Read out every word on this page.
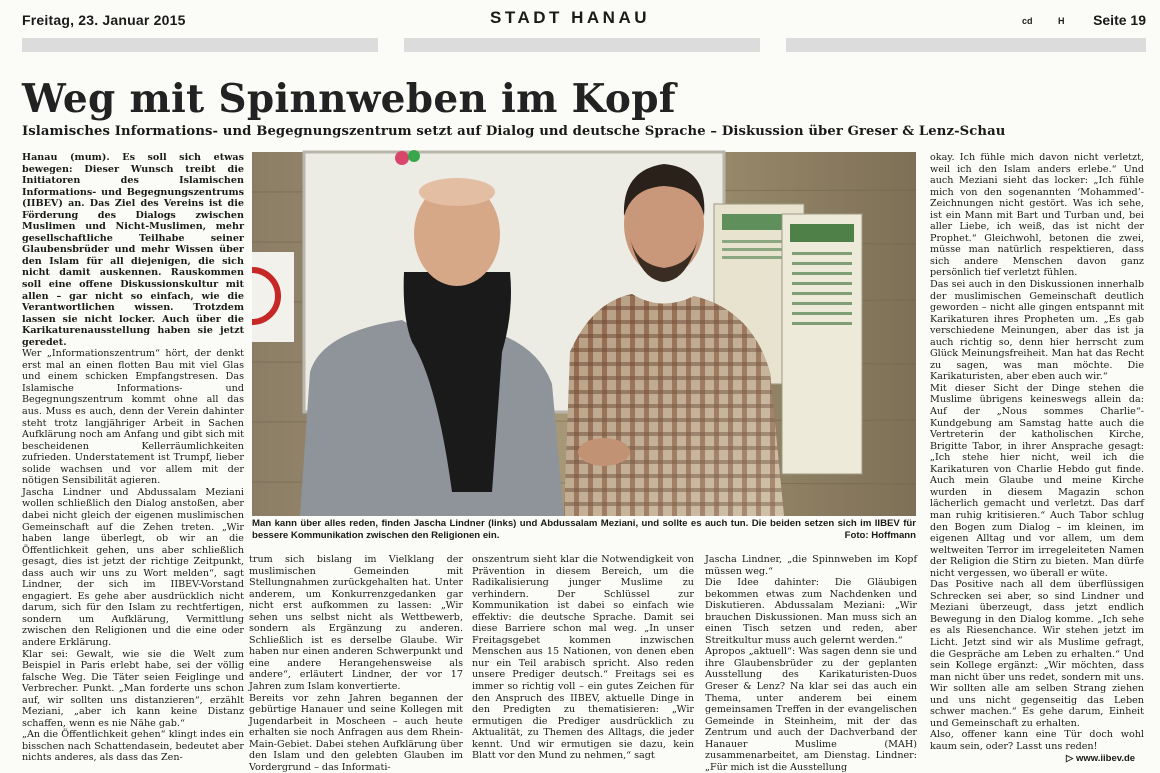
Freitag, 23. Januar 2015	STADT HANAU	cd	H Seite 19
Weg mit Spinnweben im Kopf
Islamisches Informations- und Begegnungszentrum setzt auf Dialog und deutsche Sprache – Diskussion über Greser & Lenz-Schau

Hanau (mum). Es soll sich etwas bewegen: Dieser Wunsch treibt die Initiatoren des Islamischen Informations- und Begegnungszentrums (IIBEV) an. Das Ziel des Vereins ist die Förderung des Dialogs zwischen Muslimen und Nicht-Muslimen, mehr gesellschaftliche Teilhabe seiner Glaubensbrüder und mehr Wissen über den Islam für all diejenigen, die sich nicht damit auskennen. Rauskommen soll eine offene Diskussionskultur mit allen – gar nicht so einfach, wie die Verantwortlichen wissen. Trotzdem lassen sie nicht locker. Auch über die Karikaturenausstellung haben sie jetzt geredet.

Wer „Informationszentrum“ hört, der denkt erst mal an einen flotten Bau mit viel Glas und einem schicken Empfangstresen. Das Islamische Informations- und Begegnungszentrum kommt ohne all das aus. Muss es auch, denn der Verein dahinter steht trotz langjähriger Arbeit in Sachen Aufklärung noch am Anfang und gibt sich mit bescheidenen Kellerräumlichkeiten zufrieden. Understatement ist Trumpf, lieber solide wachsen und vor allem mit der nötigen Sensibilität agieren.

Jascha Lindner und Abdussalam Meziani wollen schließlich den Dialog anstoßen, aber dabei nicht gleich der eigenen muslimischen Gemeinschaft auf die Zehen treten. „Wir haben lange überlegt, ob wir an die Öffentlichkeit gehen, uns aber schließlich gesagt, dies ist jetzt der richtige Zeitpunkt, dass auch wir uns zu Wort melden“, sagt Lindner, der sich im IIBEV-Vorstand engagiert. Es gehe aber ausdrücklich nicht darum, sich für den Islam zu rechtfertigen, sondern um Aufklärung, Vermittlung zwischen den Religionen und die eine oder andere Erklärung.

Klar sei: Gewalt, wie sie die Welt zum Beispiel in Paris erlebt habe, sei der völlig falsche Weg. Die Täter seien Feiglinge und Verbrecher. Punkt. „Man forderte uns schon auf, wir sollten uns distanzieren“, erzählt Meziani, „aber ich kann keine Distanz schaffen, wenn es nie Nähe gab.“

„An die Öffentlichkeit gehen“ klingt indes ein bisschen nach Schattendasein, bedeutet aber nichts anderes, als dass das Zen-

Man kann über alles reden, finden Jascha Lindner (links) und Abdussalam Meziani, und sollte es auch tun. Die beiden setzen sich im IIBEV für bessere Kommunikation zwischen den Religionen ein.	Foto: Hoffmann

trum sich bislang im Vielklang der muslimischen Gemeinden mit Stellungnahmen zurückgehalten hat. Unter anderem, um Konkurrenzgedanken gar nicht erst aufkommen zu lassen: „Wir sehen uns selbst nicht als Wettbewerb, sondern als Ergänzung zu anderen. Schließlich ist es derselbe Glaube. Wir haben nur einen anderen Schwerpunkt und eine andere Herangehensweise als andere“, erläutert Lindner, der vor 17 Jahren zum Islam konvertierte.

Bereits vor zehn Jahren begannen der gebürtige Hanauer und seine Kollegen mit Jugendarbeit in Moscheen – auch heute erhalten sie noch Anfragen aus dem Rhein-Main-Gebiet. Dabei stehen Aufklärung über den Islam und den gelebten Glauben im Vordergrund – das Informati-

onszentrum sieht klar die Notwendigkeit von Prävention in diesem Bereich, um die Radikalisierung junger Muslime zu verhindern. Der Schlüssel zur Kommunikation ist dabei so einfach wie effektiv: die deutsche Sprache. Damit sei diese Barriere schon mal weg. „In unser Freitagsgebet kommen inzwischen Menschen aus 15 Nationen, von denen eben nur ein Teil arabisch spricht. Also reden unsere Prediger deutsch.“ Freitags sei es immer so richtig voll – ein gutes Zeichen für den Anspruch des IIBEV, aktuelle Dinge in den Predigten zu thematisieren: „Wir ermutigen die Prediger ausdrücklich zu Aktualität, zu Themen des Alltags, die jeder kennt. Und wir ermutigen sie dazu, kein Blatt vor den Mund zu nehmen,“ sagt

Jascha Lindner, „die Spinnweben im Kopf müssen weg.“

Die Idee dahinter: Die Gläubigen bekommen etwas zum Nachdenken und Diskutieren. Abdussalam Meziani: „Wir brauchen Diskussionen. Man muss sich an einen Tisch setzen und reden, aber Streitkultur muss auch gelernt werden.“

Apropos „aktuell“: Was sagen denn sie und ihre Glaubensbrüder zu der geplanten Ausstellung des Karikaturisten-Duos Greser & Lenz? Na klar sei das auch ein Thema, unter anderem bei einem gemeinsamen Treffen in der evangelischen Gemeinde in Steinheim, mit der das Zentrum und auch der Dachverband der Hanauer Muslime (MAH) zusammenarbeitet, am Dienstag. Lindner: „Für mich ist die Ausstellung

okay. Ich fühle mich davon nicht verletzt, weil ich den Islam anders erlebe.“ Und auch Meziani sieht das locker: „Ich fühle mich von den sogenannten ‘Mohammed’-Zeichnungen nicht gestört. Was ich sehe, ist ein Mann mit Bart und Turban und, bei aller Liebe, ich weiß, das ist nicht der Prophet.“ Gleichwohl, betonen die zwei, müsse man natürlich respektieren, dass sich andere Menschen davon ganz persönlich tief verletzt fühlen.

Das sei auch in den Diskussionen innerhalb der muslimischen Gemeinschaft deutlich geworden – nicht alle gingen entspannt mit Karikaturen ihres Propheten um. „Es gab verschiedene Meinungen, aber das ist ja auch richtig so, denn hier herrscht zum Glück Meinungsfreiheit. Man hat das Recht zu sagen, was man möchte. Die Karikaturisten, aber eben auch wir.“

Mit dieser Sicht der Dinge stehen die Muslime übrigens keineswegs allein da: Auf der „Nous sommes Charlie“-Kundgebung am Samstag hatte auch die Vertreterin der katholischen Kirche, Brigitte Tabor, in ihrer Ansprache gesagt: „Ich stehe hier nicht, weil ich die Karikaturen von Charlie Hebdo gut finde. Auch mein Glaube und meine Kirche wurden in diesem Magazin schon lächerlich gemacht und verletzt. Das darf man ruhig kritisieren.“ Auch Tabor schlug den Bogen zum Dialog – im kleinen, im eigenen Alltag und vor allem, um dem weltweiten Terror im irregeleiteten Namen der Religion die Stirn zu bieten. Man dürfe nicht vergessen, wo überall er wüte.

Das Positive nach all dem überflüssigen Schrecken sei aber, so sind Lindner und Meziani überzeugt, dass jetzt endlich Bewegung in den Dialog komme. „Ich sehe es als Riesenchance. Wir stehen jetzt im Licht. Jetzt sind wir als Muslime gefragt, die Gespräche am Leben zu erhalten.“ Und sein Kollege ergänzt: „Wir möchten, dass man nicht über uns redet, sondern mit uns. Wir sollten alle am selben Strang ziehen und uns nicht gegenseitig das Leben schwer machen.“ Es gehe darum, Einheit und Gemeinschaft zu erhalten.

Also, offener kann eine Tür doch wohl kaum sein, oder? Lasst uns reden!

▷ www.iibev.de
